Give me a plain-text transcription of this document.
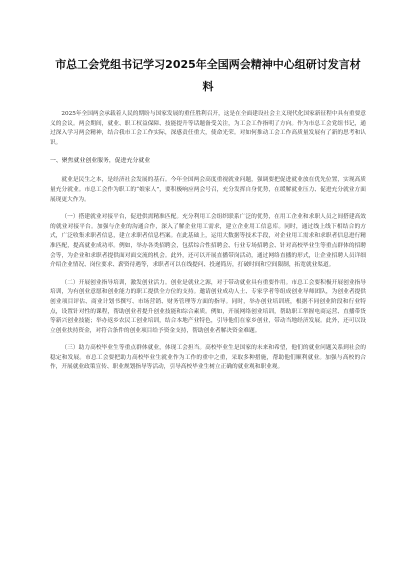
市总工会党组书记学习2025年全国两会精神中心组研讨发言材
料

2025年全国两会承载着人民的期盼与国家发展的重任胜利召开，这是在全面建设社会主义现代化国家新征程中具有重要意义的会议。两会期间，就业、职工权益保障、技能提升等话题备受关注，为工会工作指明了方向。作为市总工会党组书记，通过深入学习两会精神，结合我市工会工作实际，深感责任重大，使命光荣。对如何推动工会工作高质量发展有了新的思考和认识。

一、聚焦就业创业服务，促进充分就业

就业是民生之本，是经济社会发展的基石。今年全国两会高度重视就业问题，强调要把促进就业放在优先位置，实现高质量充分就业。市总工会作为职工的“娘家人”，要积极响应两会号召，充分发挥自身优势，在缓解就业压力、促进充分就业方面展现更大作为。

（一）搭建就业对接平台，促进供需精准匹配。充分利用工会组织联系广泛的优势，在用工企业和求职人员之间搭建高效的就业对接平台。加强与企业的沟通合作，深入了解企业用工需求，建立企业用工信息库。同时，通过线上线下相结合的方式，广泛收集求职者信息，建立求职者信息档案。在此基础上，运用大数据等技术手段，对企业用工需求和求职者信息进行精准匹配，提高就业成功率。例如，举办各类招聘会，包括综合性招聘会、行业专场招聘会、针对高校毕业生等重点群体的招聘会等，为企业和求职者提供面对面交流的机会。此外，还可以开展直播带岗活动，通过网络直播的形式，让企业招聘人员详细介绍企业情况、岗位要求、薪资待遇等，求职者可以在线提问、投递简历，打破时间和空间限制，拓宽就业渠道。

（二）开展创业指导培训，激发创业活力。创业是就业之源，对于带动就业具有重要作用。市总工会要积极开展创业指导培训，为有创业意愿和创业能力的职工提供全方位的支持。邀请创业成功人士、专家学者等组成创业导师团队，为创业者提供创业项目评估、商业计划书撰写、市场营销、财务管理等方面的指导。同时，举办创业培训班，根据不同创业阶段和行业特点，设置针对性的课程，帮助创业者提升创业技能和综合素质。例如，开展网络创业培训，帮助职工掌握电商运营、直播带货等新兴创业技能；举办返乡农民工创业培训，结合本地产业特色，引导他们在家乡创业，带动当地经济发展。此外，还可以设立创业扶持资金，对符合条件的创业项目给予资金支持，帮助创业者解决资金难题。

（三）助力高校毕业生等重点群体就业，体现工会担当。高校毕业生是国家的未来和希望，他们的就业问题关系到社会的稳定和发展。市总工会要把助力高校毕业生就业作为工作的重中之重，采取多种措施，帮助他们顺利就业。加强与高校的合作，开展就业政策宣传、职业规划指导等活动，引导高校毕业生树立正确的就业观和职业观。
